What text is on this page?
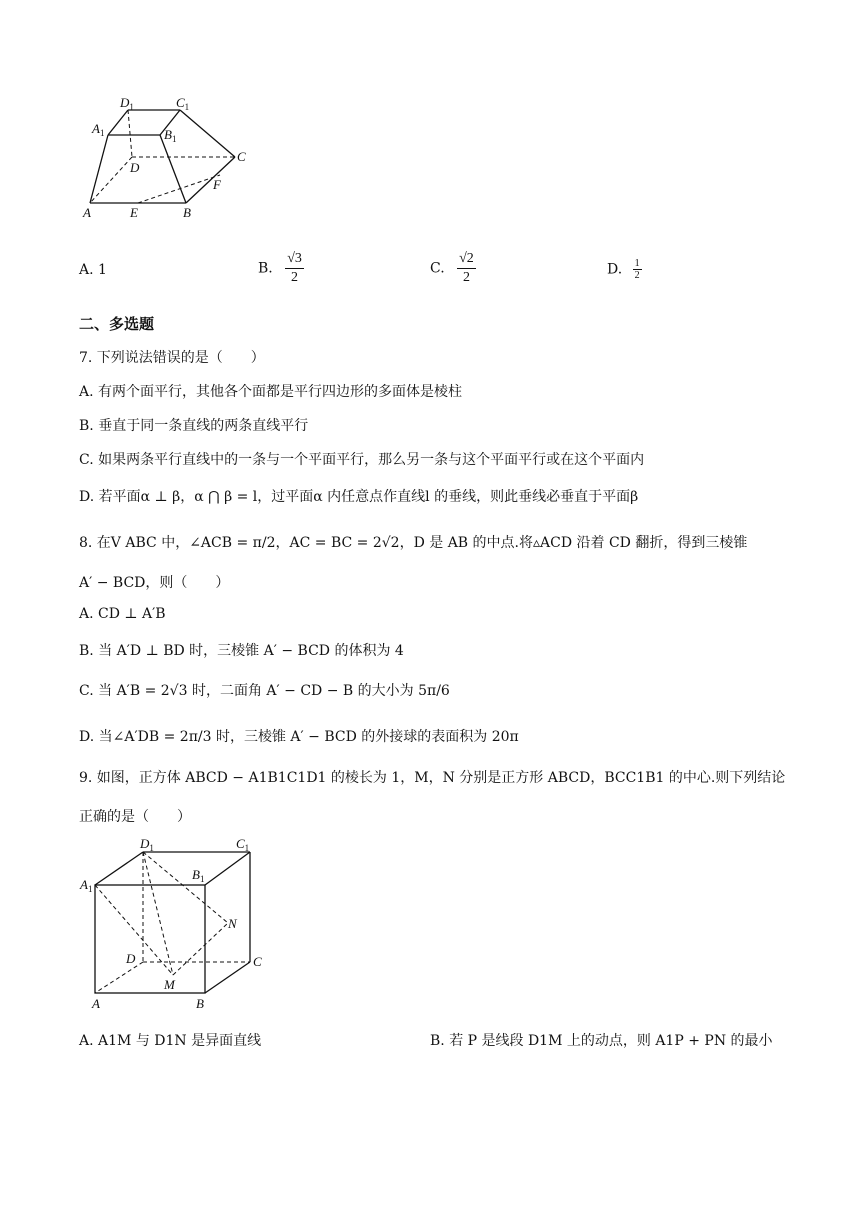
$D_1$	$C_1$
$A_1$	$B_1$
C
D
F
A	E	B
A. 1	B. $\frac{√3}{2}$	C. $\frac{√2}{2}$	D. $\frac{1}{2}$
二、多选题
7. 下列说法错误的是（　　）
A. 有两个面平行，其他各个面都是平行四边形的多面体是棱柱
B. 垂直于同一条直线的两条直线平行
C. 如果两条平行直线中的一条与一个平面平行，那么另一条与这个平面平行或在这个平面内
D. 若平面α ⊥ β，α ⋂ β = l，过平面α 内任意点作直线l 的垂线，则此垂线必垂直于平面β
8. 在V ABC 中，∠ACB = π/2，AC = BC = 2√2，D 是 AB 的中点.将▵ACD 沿着 CD 翻折，得到三棱锥
A′ − BCD，则（　　）
A. CD ⊥ A′B
B. 当 A′D ⊥ BD 时，三棱锥 A′ − BCD 的体积为 4
C. 当 A′B = 2√3 时，二面角 A′ − CD − B 的大小为 5π/6
D. 当∠A′DB = 2π/3 时，三棱锥 A′ − BCD 的外接球的表面积为 20π
9. 如图，正方体 ABCD − A1B1C1D1 的棱长为 1，M，N 分别是正方形 ABCD，BCC1B1 的中心.则下列结论
正确的是（　　）
$D_1$	$C_1$
$A_1$
$B_1$
N
D	C
M
A	B
A. A1M 与 D1N 是异面直线	B. 若 P 是线段 D1M 上的动点，则 A1P + PN 的最小
